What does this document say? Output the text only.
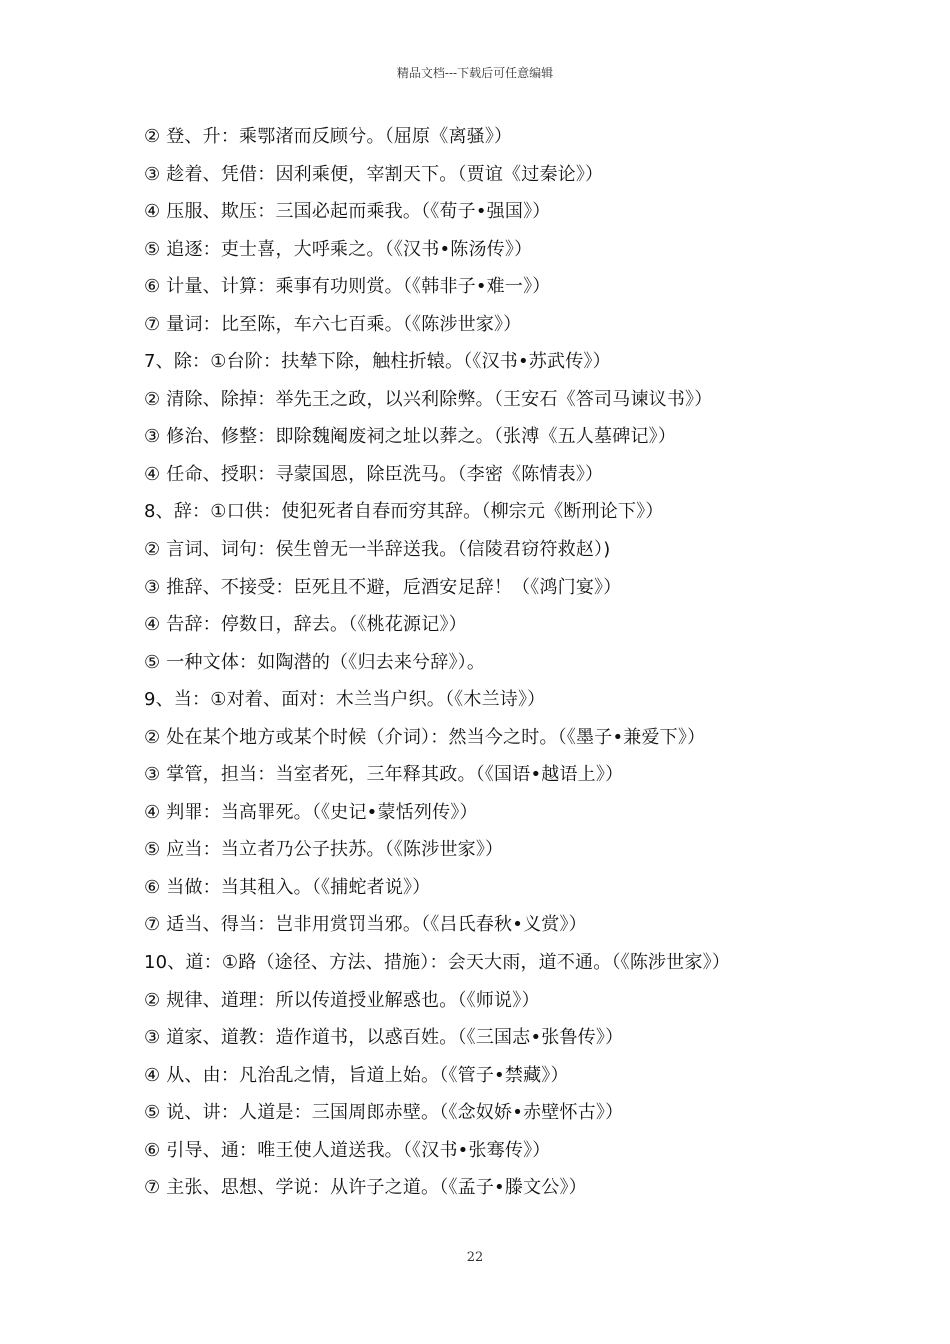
精品文档---下载后可任意编辑
② 登、升：乘鄂渚而反顾兮。（屈原《离骚》）
③ 趁着、凭借：因利乘便，宰割天下。（贾谊《过秦论》）
④ 压服、欺压：三国必起而乘我。（《荀子•强国》）
⑤ 追逐：吏士喜，大呼乘之。（《汉书•陈汤传》）
⑥ 计量、计算：乘事有功则赏。（《韩非子•难一》）
⑦ 量词：比至陈，车六七百乘。（《陈涉世家》）
7、除：①台阶：扶辇下除，触柱折辕。（《汉书•苏武传》）
② 清除、除掉：举先王之政，以兴利除弊。（王安石《答司马谏议书》）
③ 修治、修整：即除魏阉废祠之址以葬之。（张溥《五人墓碑记》）
④ 任命、授职：寻蒙国恩，除臣洗马。（李密《陈情表》）
8、辞：①口供：使犯死者自春而穷其辞。（柳宗元《断刑论下》）
② 言词、词句：侯生曾无一半辞送我。（信陵君窃符救赵）)
③ 推辞、不接受：臣死且不避，卮酒安足辞！（《鸿门宴》）
④ 告辞：停数日，辞去。（《桃花源记》）
⑤ 一种文体：如陶潜的（《归去来兮辞》）。
9、当：①对着、面对：木兰当户织。（《木兰诗》）
② 处在某个地方或某个时候（介词）：然当今之时。（《墨子•兼爱下》）
③ 掌管，担当：当室者死，三年释其政。（《国语•越语上》）
④ 判罪：当高罪死。（《史记•蒙恬列传》）
⑤ 应当：当立者乃公子扶苏。（《陈涉世家》）
⑥ 当做：当其租入。（《捕蛇者说》）
⑦ 适当、得当：岂非用赏罚当邪。（《吕氏春秋•义赏》）
10、道：①路（途径、方法、措施）：会天大雨，道不通。（《陈涉世家》）
② 规律、道理：所以传道授业解惑也。（《师说》）
③ 道家、道教：造作道书，以惑百姓。（《三国志•张鲁传》）
④ 从、由：凡治乱之情，旨道上始。（《管子•禁藏》）
⑤ 说、讲：人道是：三国周郎赤壁。（《念奴娇•赤壁怀古》）
⑥ 引导、通：唯王使人道送我。（《汉书•张骞传》）
⑦ 主张、思想、学说：从许子之道。（《孟子•滕文公》）
22
